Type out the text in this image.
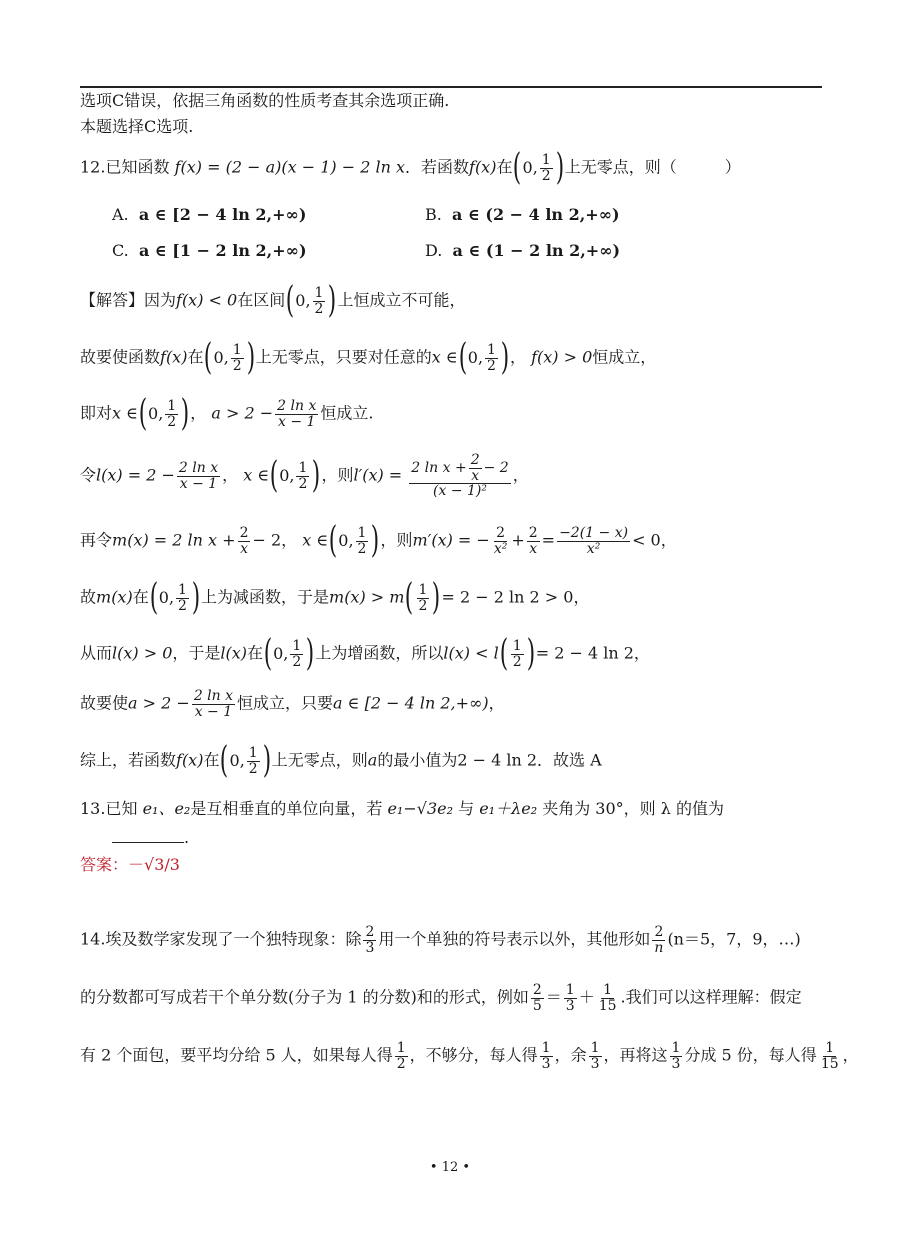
选项C错误，依据三角函数的性质考查其余选项正确.
本题选择C选项.
12.已知函数 f(x) = (2 − a)(x − 1) − 2 ln x．若函数f(x)在(0, $\frac{1}{2}$ )上无零点，则（　　　）
A. a ∈ [2 − 4 ln 2,+∞)	B. a ∈ (2 − 4 ln 2,+∞)
C. a ∈ [1 − 2 ln 2,+∞)	D. a ∈ (1 − 2 ln 2,+∞)
【解答】因为f(x) < 0在区间(0, $\frac{1}{2}$ )上恒成立不可能，
故要使函数f(x)在(0, $\frac{1}{2}$ )上无零点，只要对任意的x ∈(0, $\frac{1}{2}$ )， f(x) > 0恒成立，
即对x ∈(0, $\frac{1}{2}$ )， $a > 2 - \frac{\text{2 ln x}}{x - 1}$ 恒成立.
令$l(x) = 2 - \frac{\text{2 ln x}}{x - 1}$ ， x ∈(0, $\frac{1}{2}$ )，则$l'(x) = \frac{2 \ln x + \frac{2}{x} - 2}{\text{(x − 1)²}}$ ，
再令m(x) = 2 $\ln x + \frac{2}{x} - 2$， x ∈(0, $\frac{1}{2}$ )，则m′(x) = − $\frac{2}{\text{x²}} + \frac{2}{x} = \frac{-2(1 - x)}{\text{x²}} < 0$，
故m(x)在(0, $\frac{1}{2}$ )上为减函数，于是$m(x) > m( \frac{1}{2}$ )= 2 − 2 ln 2 > 0，
从而l(x) > 0，于是l(x)在(0, $\frac{1}{2}$ )上为增函数，所以$l(x) < l( \frac{1}{2}$ )= 2 − 4 ln 2，
故要使$a > 2 - \frac{\text{2 ln x}}{x - 1}$ 恒成立，只要a ∈ [2 − 4 ln 2,+∞)，
综上，若函数f(x)在(0, $\frac{1}{2}$ )上无零点，则a的最小值为2 − 4 ln 2．故选 A
13.已知 e₁、e₂是互相垂直的单位向量，若 e₁−√3e₂ 与 e₁＋λe₂ 夹角为 30°，则 λ 的值为
.
答案：－√3/3
14.埃及数学家发现了一个独特现象：除 $\frac{2}{3}$ 用一个单独的符号表示以外，其他形如 $\frac{2}{n} (n=5$，7，9，…)
的分数都可写成若干个单分数(分子为 1 的分数)和的形式，例如 $\frac{2}{5} = \frac{1}{3} + \frac{1}{15}$ .我们可以这样理解：假定
有 2 个面包，要平均分给 5 人，如果每人得 $\frac{1}{2}$ ，不够分，每人得 $\frac{1}{3}$ ，余 $\frac{1}{3}$ ，再将这 $\frac{1}{3}$ 分成 5 份，每人得 $\frac{1}{15}$ ，
• 12 •
